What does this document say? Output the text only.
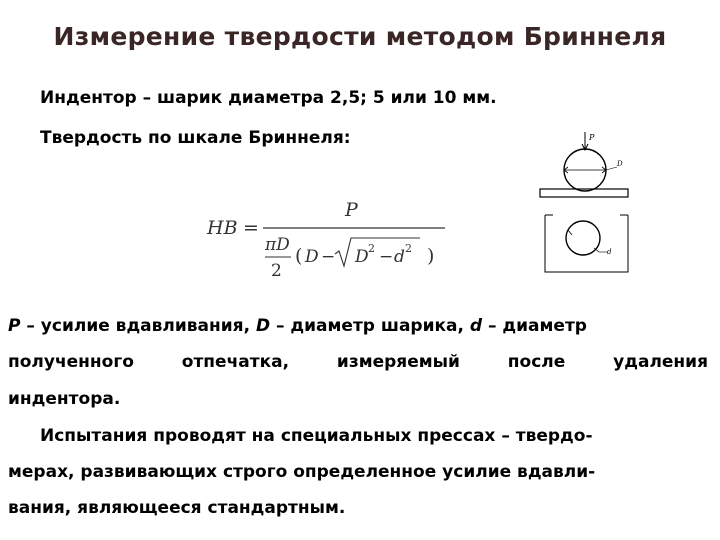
Измерение твердости методом Бриннеля
Индентор – шарик диаметра 2,5; 5 или 10 мм.
Твердость по шкале Бриннеля:
HB =
P
πD
2
( D − D 2 − d 2 )
P
D
d
P – усилие вдавливания, D – диаметр шарика, d – диаметр
полученного отпечатка, измеряемый после удаления
индентора.
Испытания проводят на специальных прессах – твердо-
мерах, развивающих строго определенное усилие вдавли-
вания, являющееся стандартным.
